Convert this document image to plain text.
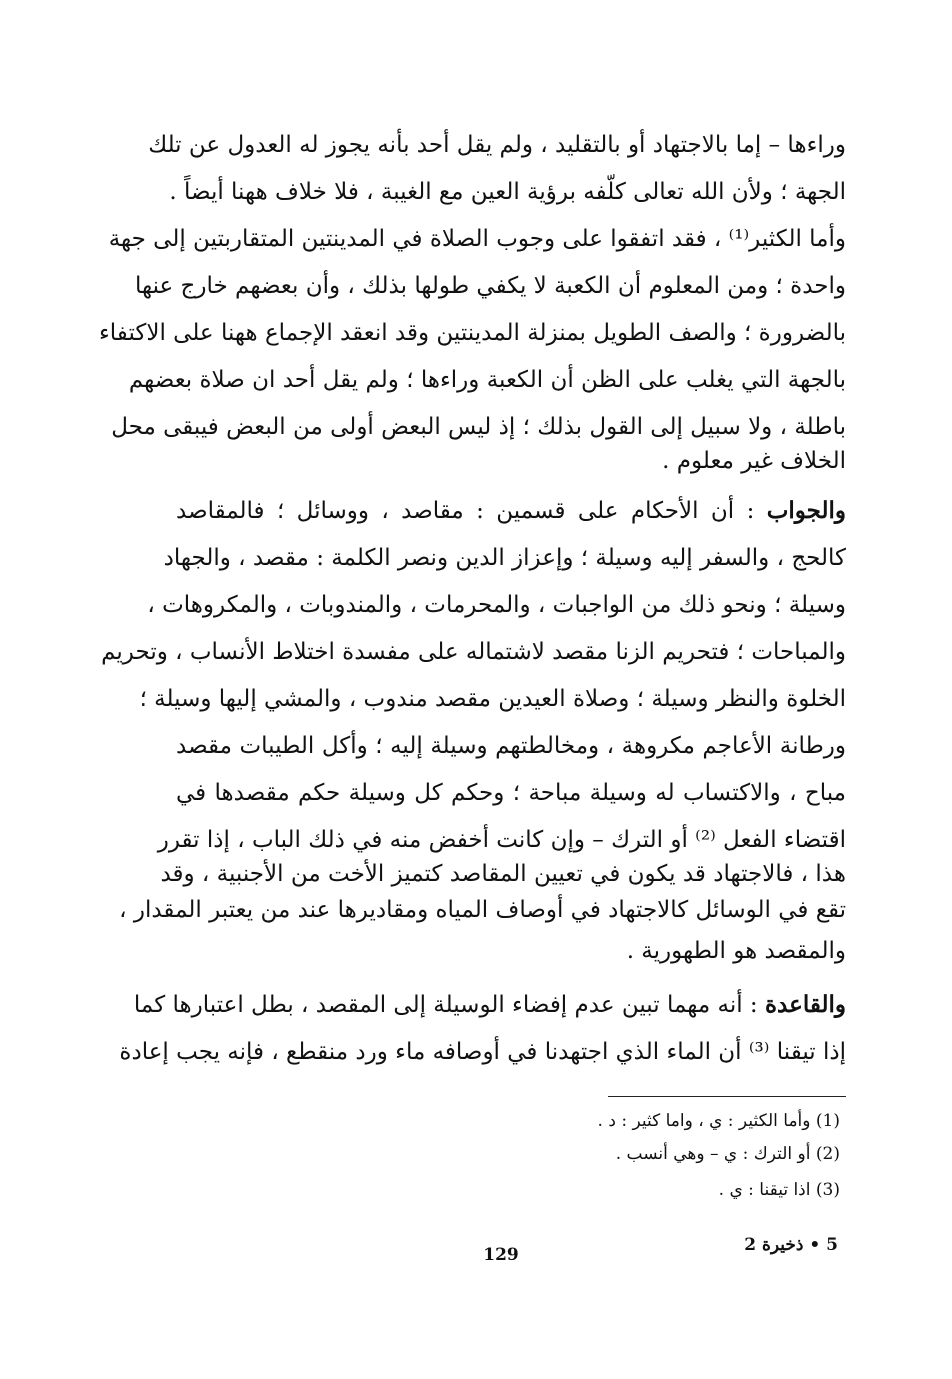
وراءها – إما بالاجتهاد أو بالتقليد ، ولم يقل أحد بأنه يجوز له العدول عن تلك
الجهة ؛ ولأن الله تعالى كلّفه برؤية العين مع الغيبة ، فلا خلاف ههنا أيضاً .
وأما الكثير⁽¹⁾ ، فقد اتفقوا على وجوب الصلاة في المدينتين المتقاربتين إلى جهة
واحدة ؛ ومن المعلوم أن الكعبة لا يكفي طولها بذلك ، وأن بعضهم خارج عنها
بالضرورة ؛ والصف الطويل بمنزلة المدينتين وقد انعقد الإجماع ههنا على الاكتفاء
بالجهة التي يغلب على الظن أن الكعبة وراءها ؛ ولم يقل أحد ان صلاة بعضهم
باطلة ، ولا سبيل إلى القول بذلك ؛ إذ ليس البعض أولى من البعض فيبقى محل
الخلاف غير معلوم .
والجواب : أن الأحكام على قسمين : مقاصد ، ووسائل ؛ فالمقاصد
كالحج ، والسفر إليه وسيلة ؛ وإعزاز الدين ونصر الكلمة : مقصد ، والجهاد
وسيلة ؛ ونحو ذلك من الواجبات ، والمحرمات ، والمندوبات ، والمكروهات ،
والمباحات ؛ فتحريم الزنا مقصد لاشتماله على مفسدة اختلاط الأنساب ، وتحريم
الخلوة والنظر وسيلة ؛ وصلاة العيدين مقصد مندوب ، والمشي إليها وسيلة ؛
ورطانة الأعاجم مكروهة ، ومخالطتهم وسيلة إليه ؛ وأكل الطيبات مقصد
مباح ، والاكتساب له وسيلة مباحة ؛ وحكم كل وسيلة حكم مقصدها في
اقتضاء الفعل ⁽²⁾ أو الترك – وإن كانت أخفض منه في ذلك الباب ، إذا تقرر
هذا ، فالاجتهاد قد يكون في تعيين المقاصد كتميز الأخت من الأجنبية ، وقد
تقع في الوسائل كالاجتهاد في أوصاف المياه ومقاديرها عند من يعتبر المقدار ،
والمقصد هو الطهورية .
والقاعدة : أنه مهما تبين عدم إفضاء الوسيلة إلى المقصد ، بطل اعتبارها كما
إذا تيقنا ⁽³⁾ أن الماء الذي اجتهدنا في أوصافه ماء ورد منقطع ، فإنه يجب إعادة
(1) وأما الكثير : ي ، واما كثير : د .
(2) أو الترك : ي – وهي أنسب .
(3) اذا تيقنا : ي .
5 • ذخيرة 2
129
